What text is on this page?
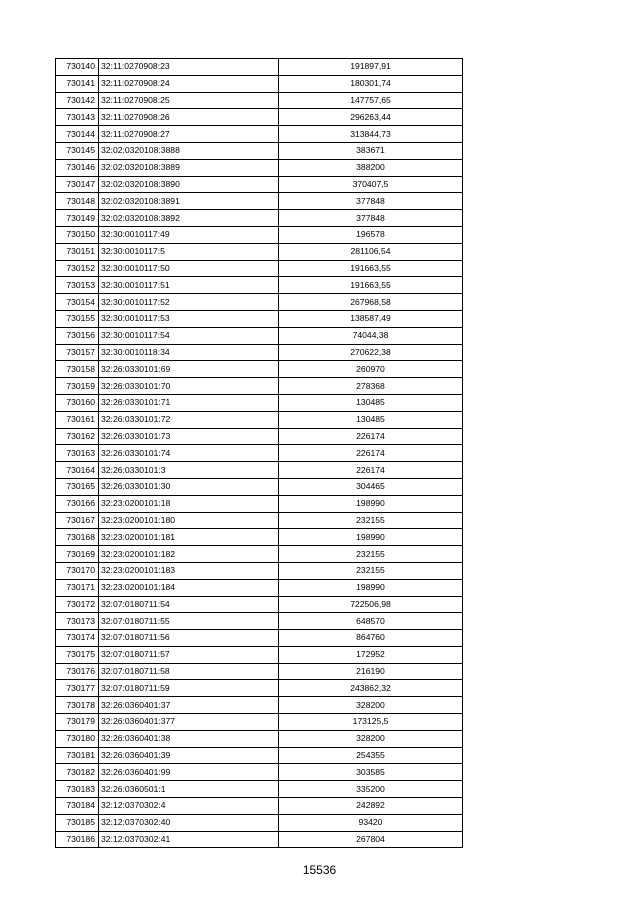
730140	32:11:0270908:23	191897,91
730141	32:11:0270908:24	180301,74
730142	32:11:0270908:25	147757,65
730143	32:11:0270908:26	296263,44
730144	32:11:0270908:27	313844,73
730145	32:02:0320108:3888	383671
730146	32:02:0320108:3889	388200
730147	32:02:0320108:3890	370407,5
730148	32:02:0320108:3891	377848
730149	32:02:0320108:3892	377848
730150	32:30:0010117:49	196578
730151	32:30:0010117:5	281106,54
730152	32:30:0010117:50	191663,55
730153	32:30:0010117:51	191663,55
730154	32:30:0010117:52	267968,58
730155	32:30:0010117:53	138587,49
730156	32:30:0010117:54	74044,38
730157	32:30:0010118:34	270622,38
730158	32:26:0330101:69	260970
730159	32:26:0330101:70	278368
730160	32:26:0330101:71	130485
730161	32:26:0330101:72	130485
730162	32:26:0330101:73	226174
730163	32:26:0330101:74	226174
730164	32:26:0330101:3	226174
730165	32:26:0330101:30	304465
730166	32:23:0200101:18	198990
730167	32:23:0200101:180	232155
730168	32:23:0200101:181	198990
730169	32:23:0200101:182	232155
730170	32:23:0200101:183	232155
730171	32:23:0200101:184	198990
730172	32:07:0180711:54	722506,98
730173	32:07:0180711:55	648570
730174	32:07:0180711:56	864760
730175	32:07:0180711:57	172952
730176	32:07:0180711:58	216190
730177	32:07:0180711:59	243862,32
730178	32:26:0360401:37	328200
730179	32:26:0360401:377	173125,5
730180	32:26:0360401:38	328200
730181	32:26:0360401:39	254355
730182	32:26:0360401:99	303585
730183	32:26:0360501:1	335200
730184	32:12:0370302:4	242892
730185	32:12:0370302:40	93420
730186	32:12:0370302:41	267804
15536
